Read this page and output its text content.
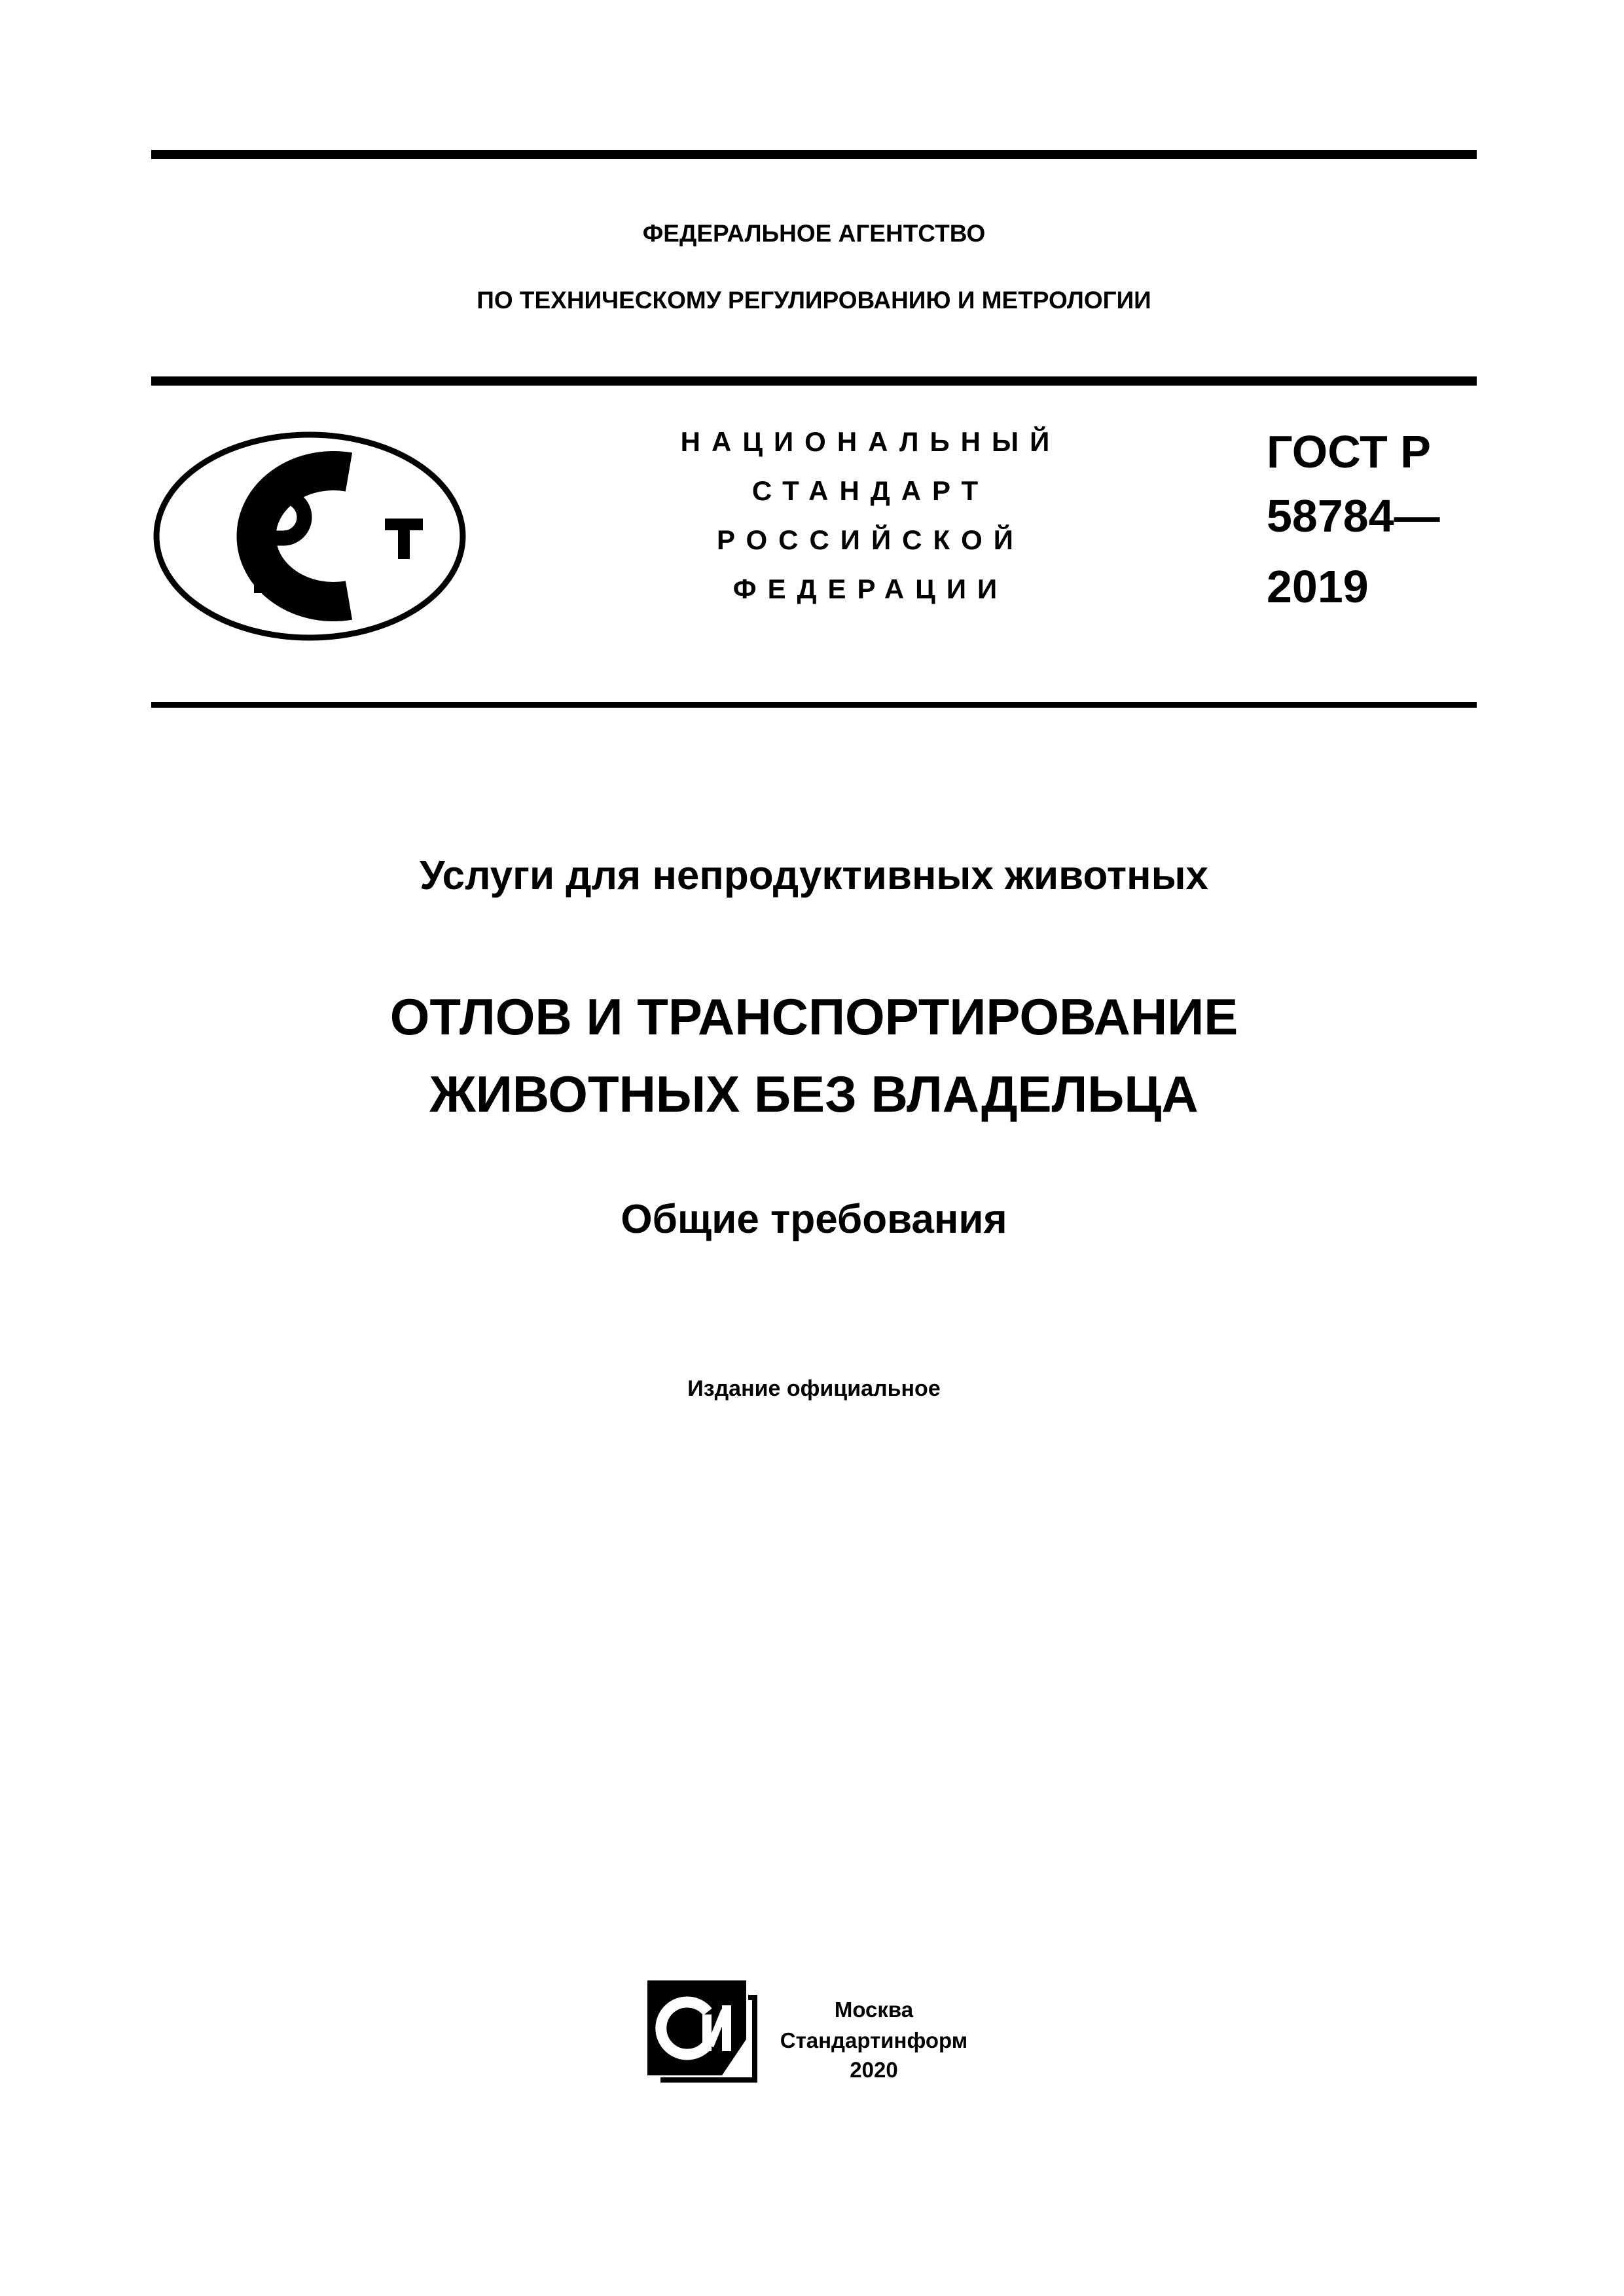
ФЕДЕРАЛЬНОЕ АГЕНТСТВО
ПО ТЕХНИЧЕСКОМУ РЕГУЛИРОВАНИЮ И МЕТРОЛОГИИ
НАЦИОНАЛЬНЫЙ
СТАНДАРТ
РОССИЙСКОЙ
ФЕДЕРАЦИИ
ГОСТ Р
58784—
2019
Услуги для непродуктивных животных
ОТЛОВ И ТРАНСПОРТИРОВАНИЕ
ЖИВОТНЫХ БЕЗ ВЛАДЕЛЬЦА
Общие требования
Издание официальное
Москва
Стандартинформ
2020
